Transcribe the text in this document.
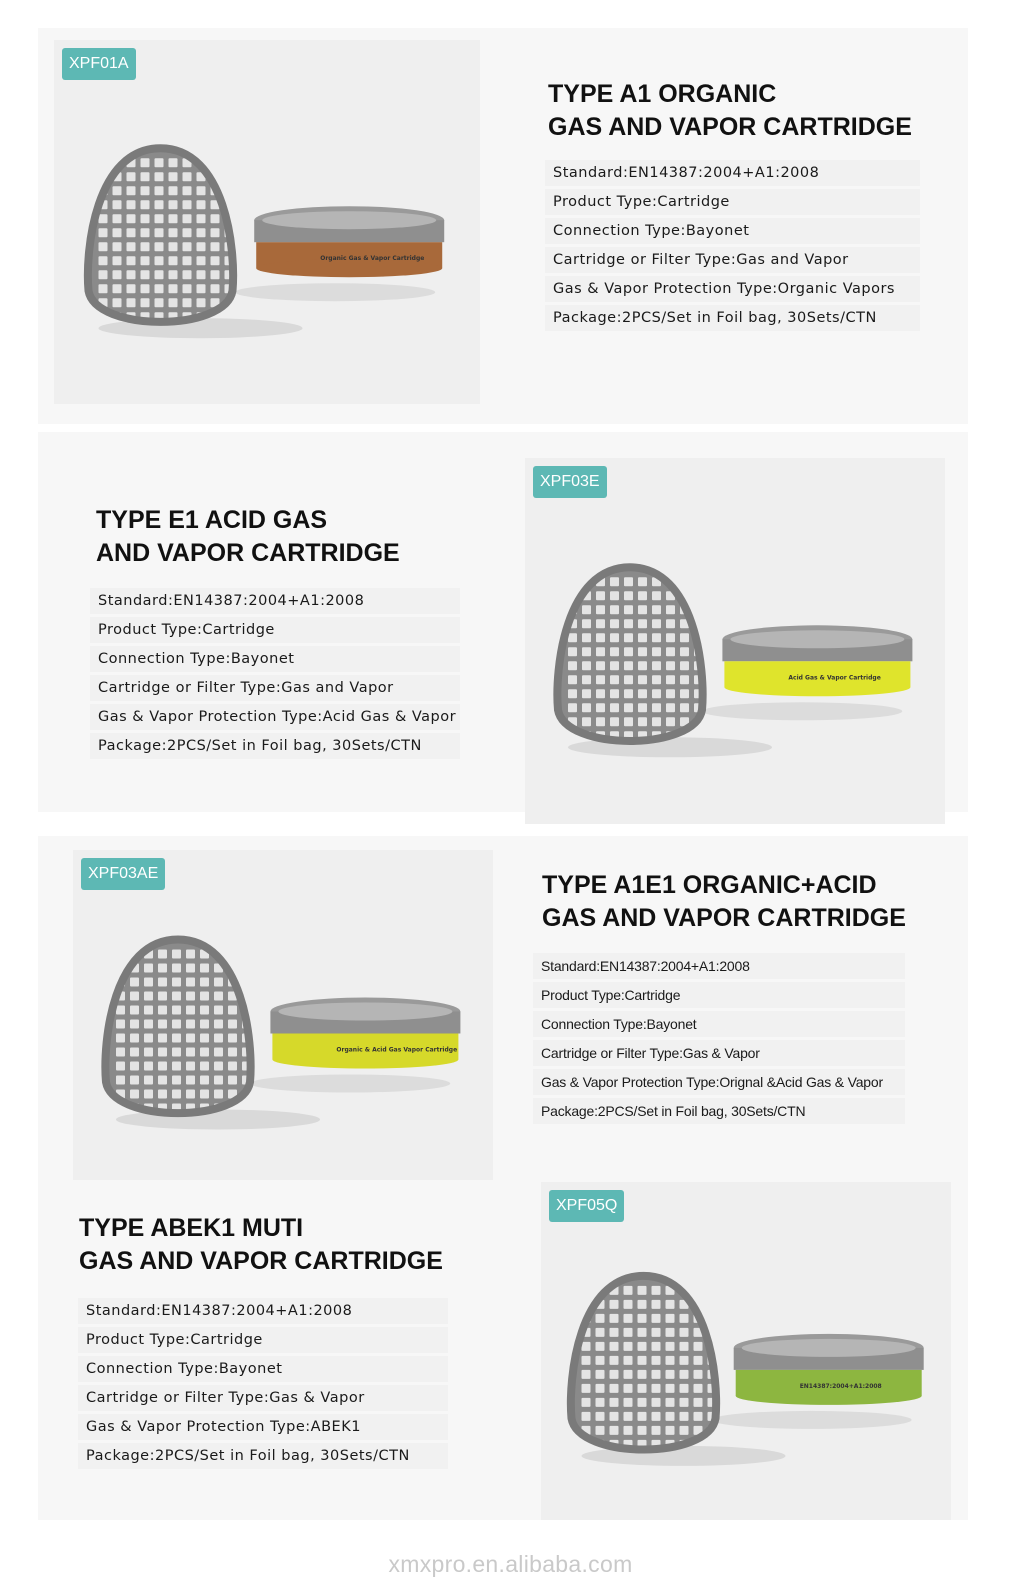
Organic Gas & Vapor Cartridge
XPF01A
TYPE A1 ORGANIC
GAS AND VAPOR CARTRIDGE
Standard:EN14387:2004+A1:2008
Product Type:Cartridge
Connection Type:Bayonet
Cartridge or Filter Type:Gas and Vapor
Gas & Vapor Protection Type:Organic Vapors
Package:2PCS/Set in Foil bag, 30Sets/CTN
Acid Gas & Vapor Cartridge
XPF03E
TYPE E1 ACID GAS
AND VAPOR CARTRIDGE
Standard:EN14387:2004+A1:2008
Product Type:Cartridge
Connection Type:Bayonet
Cartridge or Filter Type:Gas and Vapor
Gas & Vapor Protection Type:Acid Gas & Vapor
Package:2PCS/Set in Foil bag, 30Sets/CTN
Organic & Acid Gas Vapor Cartridge
XPF03AE	TYPE A1E1 ORGANIC+ACID
GAS AND VAPOR CARTRIDGE
Standard:EN14387:2004+A1:2008
Product Type:Cartridge
Connection Type:Bayonet
Cartridge or Filter Type:Gas & Vapor
Gas & Vapor Protection Type:Orignal &Acid Gas & Vapor
Package:2PCS/Set in Foil bag, 30Sets/CTN
EN14387:2004+A1:2008
XPF05Q
TYPE ABEK1 MUTI
GAS AND VAPOR CARTRIDGE
Standard:EN14387:2004+A1:2008
Product Type:Cartridge
Connection Type:Bayonet
Cartridge or Filter Type:Gas & Vapor
Gas & Vapor Protection Type:ABEK1
Package:2PCS/Set in Foil bag, 30Sets/CTN
xmxpro.en.alibaba.com
